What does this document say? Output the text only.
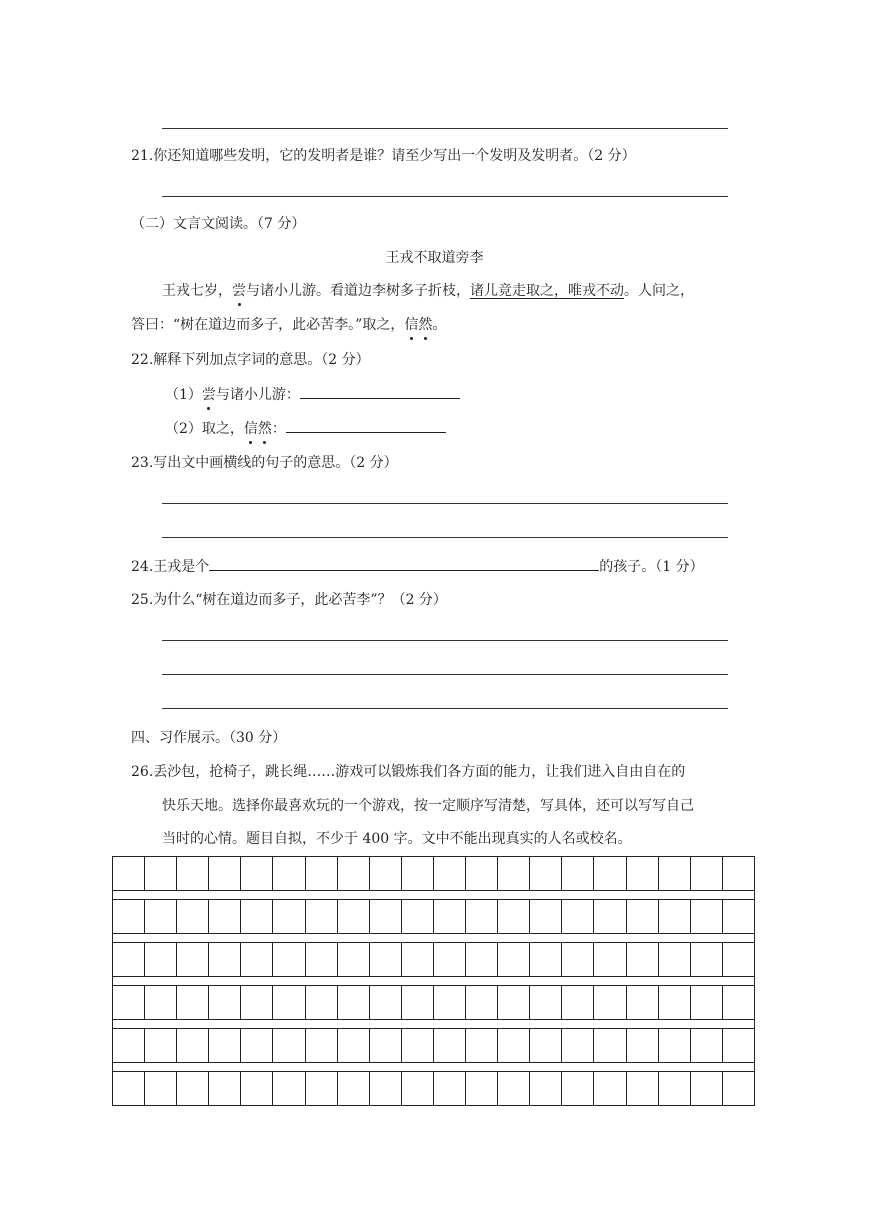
21.你还知道哪些发明，它的发明者是谁？请至少写出一个发明及发明者。（2 分）
（二）文言文阅读。（7 分）
王戎不取道旁李
王戎七岁，尝与诸小儿游。看道边李树多子折枝，诸儿竞走取之，唯戎不动。人问之，
答曰：“树在道边而多子，此必苦李。”取之，信然。
22.解释下列加点字词的意思。（2 分）
（1）尝与诸小儿游：
（2）取之，信然：
23.写出文中画横线的句子的意思。（2 分）
24.王戎是个	的孩子。（1 分）
25.为什么“树在道边而多子，此必苦李”？（2 分）
四、习作展示。（30 分）
26.丢沙包，抢椅子，跳长绳……游戏可以锻炼我们各方面的能力，让我们进入自由自在的
快乐天地。选择你最喜欢玩的一个游戏，按一定顺序写清楚，写具体，还可以写写自己
当时的心情。题目自拟，不少于 400 字。文中不能出现真实的人名或校名。
